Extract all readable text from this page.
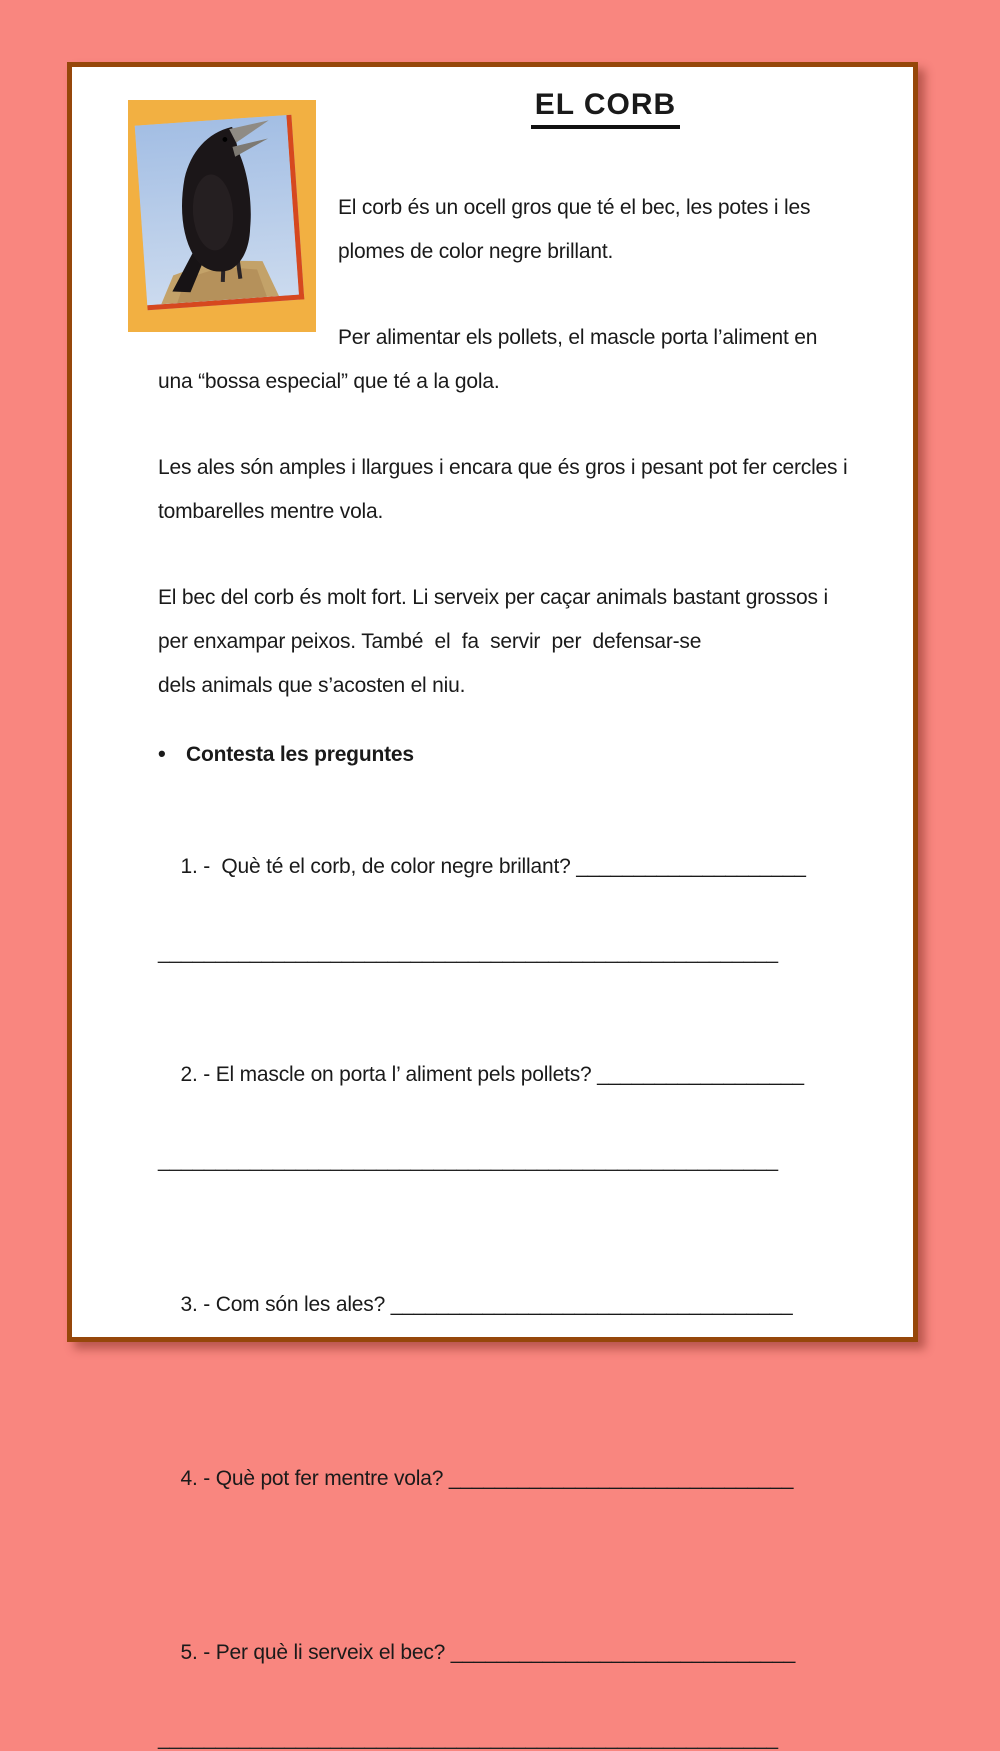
EL CORB
El corb és un ocell gros que té el bec, les potes i les
plomes de color negre brillant.
Per alimentar els pollets, el mascle porta l’aliment en
una “bossa especial” que té a la gola.
Les ales són amples i llargues i encara que és gros i pesant pot fer cercles i
tombarelles mentre vola.
El bec del corb és molt fort. Li serveix per caçar animals bastant grossos i
per enxampar peixos. També  el  fa  servir  per  defensar-se
dels animals que s’acosten el niu.
• Contesta les preguntes

1. -  Què té el corb, de color negre brillant? ____________________

______________________________________________________

2. - El mascle on porta l’ aliment pels pollets? __________________

______________________________________________________

3. - Com són les ales? ___________________________________

4. - Què pot fer mentre vola? ______________________________

5. - Per què li serveix el bec? ______________________________

______________________________________________________
